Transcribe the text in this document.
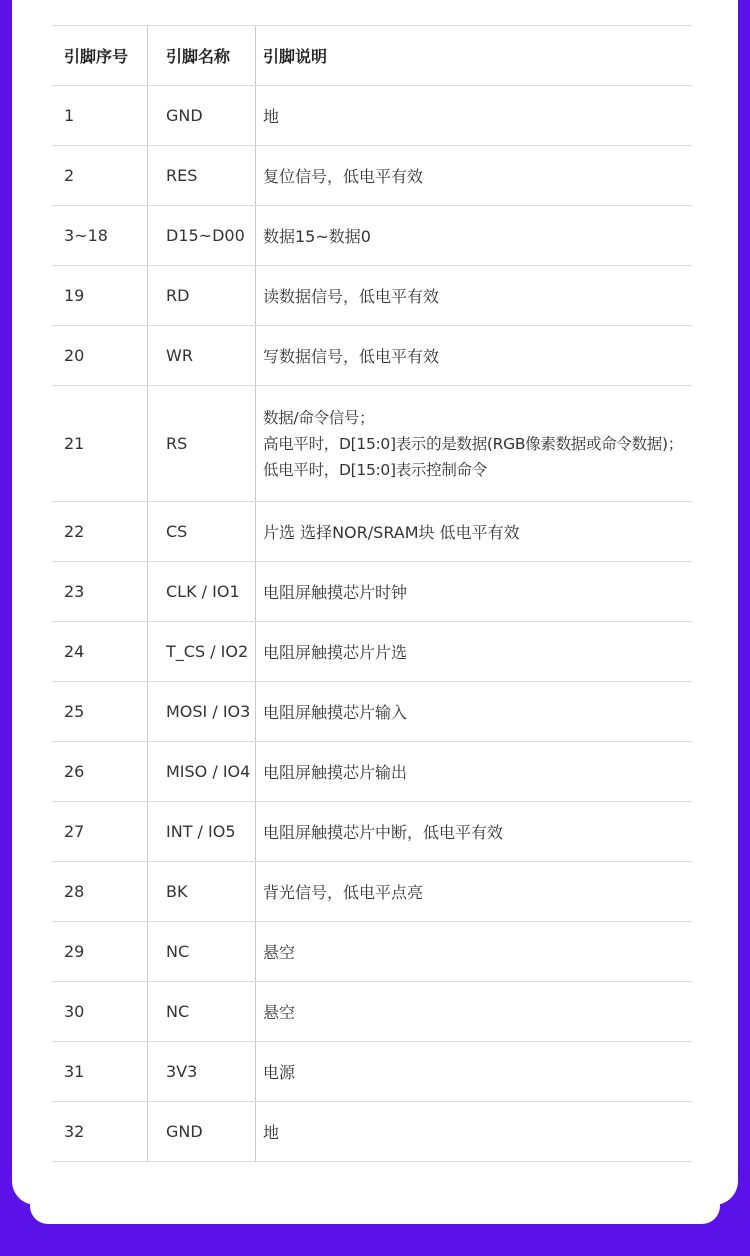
引脚序号	引脚名称	引脚说明
1	GND	地
2	RES	复位信号，低电平有效
3~18	D15~D00	数据15~数据0
19	RD	读数据信号，低电平有效
20	WR	写数据信号，低电平有效
21	RS
数据/命令信号；
高电平时，D[15:0]表示的是数据(RGB像素数据或命令数据)；
低电平时，D[15:0]表示控制命令
22	CS	片选 选择NOR/SRAM块 低电平有效
23	CLK / IO1	电阻屏触摸芯片时钟
24	T_CS / IO2 电阻屏触摸芯片片选
25	MOSI / IO3 电阻屏触摸芯片输入
26	MISO / IO4 电阻屏触摸芯片输出
27	INT / IO5	电阻屏触摸芯片中断，低电平有效
28	BK	背光信号，低电平点亮
29	NC	悬空
30	NC	悬空
31	3V3	电源
32	GND	地
